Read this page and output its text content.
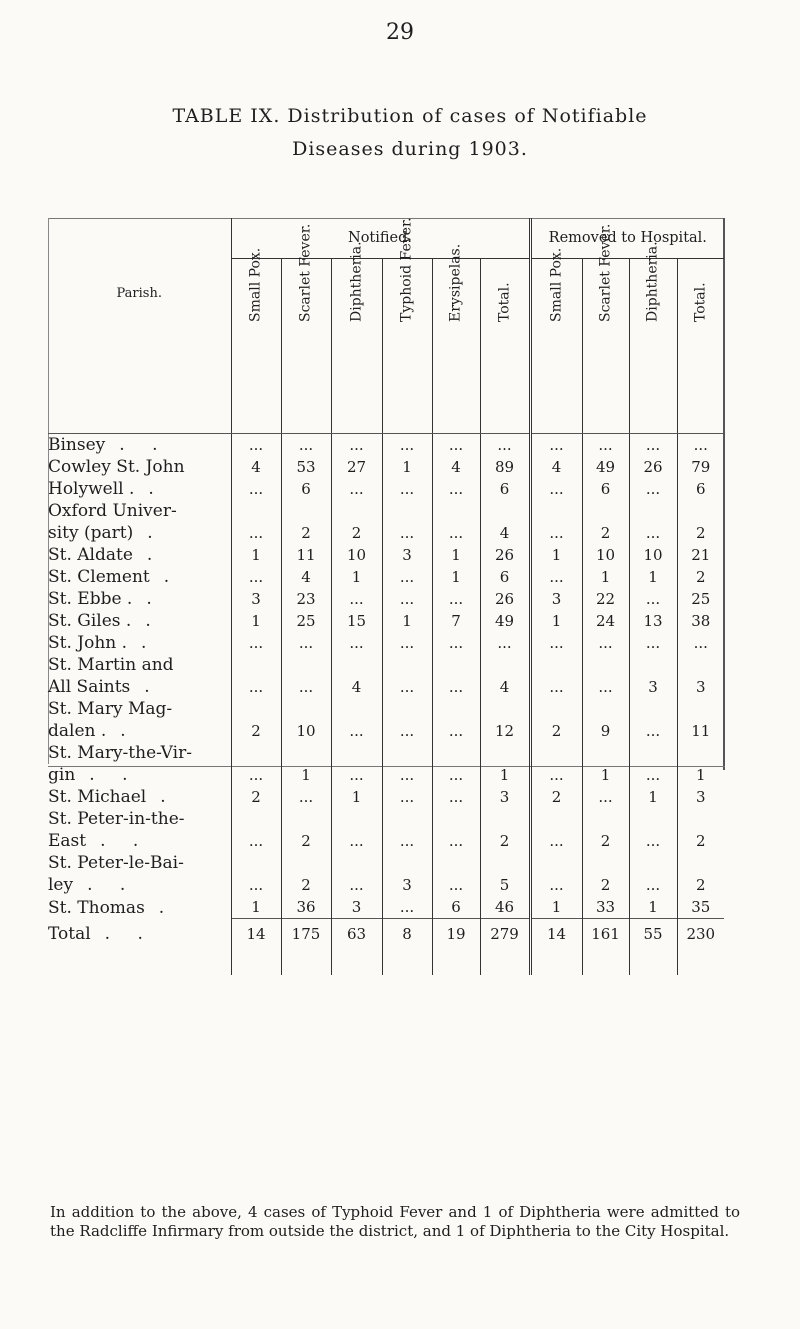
29
TABLE IX. Distribution of cases of Notifiable
Diseases during 1903.
Parish.	Notified.						Removed to Hospital.			

	Small Pox.	Scarlet Fever.	Diphtheria.	Typhoid Fever.	Erysipelas.	Total.	Small Pox.	Scarlet Fever.	Diphtheria.	Total.

Binsey . .	...	...	...	...	...	...	...	...	...	...
Cowley St. John	4	53	27	1	4	89	4	49	26	79
Holywell . .	...	6	...	...	...	6	...	6	...	6
Oxford Univer-										
sity (part) .	...	2	2	...	...	4	...	2	...	2
St. Aldate .	1	11	10	3	1	26	1	10	10	21
St. Clement .	...	4	1	...	1	6	...	1	1	2
St. Ebbe . .	3	23	...	...	...	26	3	22	...	25
St. Giles . .	1	25	15	1	7	49	1	24	13	38
St. John . .	...	...	...	...	...	...	...	...	...	...
St. Martin and										
All Saints .	...	...	4	...	...	4	...	...	3	3
St. Mary Mag-										
dalen . .	2	10	...	...	...	12	2	9	...	11
St. Mary-the-Vir-										
gin . .	...	1	...	...	...	1	...	1	...	1
St. Michael .	2	...	1	...	...	3	2	...	1	3
St. Peter-in-the-										
East . .	...	2	...	...	...	2	...	2	...	2
St. Peter-le-Bai-										
ley . .	...	2	...	3	...	5	...	2	...	2
St. Thomas .	1	36	3	...	6	46	1	33	1	35
Total . .	14	175	63	8	19	279	14	161	55	230
In addition to the above, 4 cases of Typhoid Fever and 1 of Diphtheria were admitted to the Radcliffe Infirmary from outside the district, and 1 of Diphtheria to the City Hospital.
